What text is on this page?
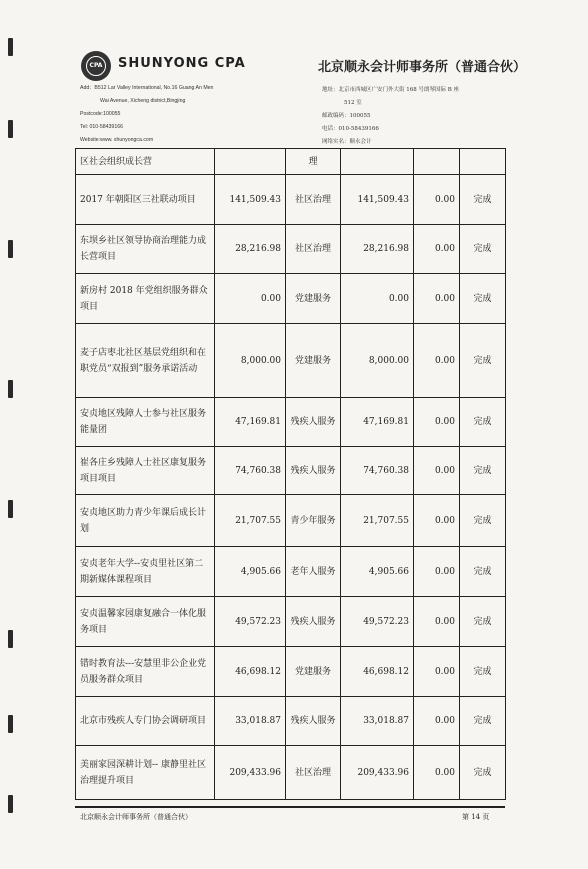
CPA SHUNYONG CPA	北京顺永会计师事务所（普通合伙）
Add：B512 Lar Valley International, No.16 Guang An Men
Wai Avenue, Xicheng district,Bingjing
Postcode:100055
Tel: 010-58439166
Website:www. shunyongca.com
地址：北京市西城区广安门外大街 168 号朗琴国际 B 座
512 室
邮政编码：100055
电话：010-58439166
网络实名：顺永会计
区社会组织成长营		理			
2017 年朝阳区三社联动项目	141,509.43	社区治理	141,509.43	0.00	完成
东坝乡社区领导协商治理能力成长营项目	28,216.98	社区治理	28,216.98	0.00	完成
新房村 2018 年党组织服务群众项目	0.00	党建服务	0.00	0.00	完成
麦子店枣北社区基层党组织和在职党员“双报到”服务承诺活动	8,000.00	党建服务	8,000.00	0.00	完成
安贞地区残障人士参与社区服务能量团	47,169.81	残疾人服务	47,169.81	0.00	完成
崔各庄乡残障人士社区康复服务项目项目	74,760.38	残疾人服务	74,760.38	0.00	完成
安贞地区助力青少年课后成长计划	21,707.55	青少年服务	21,707.55	0.00	完成
安贞老年大学--安贞里社区第二期新媒体课程项目	4,905.66	老年人服务	4,905.66	0.00	完成
安贞温馨家园康复融合一体化服务项目	49,572.23	残疾人服务	49,572.23	0.00	完成
错时教育法---安慧里非公企业党员服务群众项目	46,698.12	党建服务	46,698.12	0.00	完成
北京市残疾人专门协会调研项目	33,018.87	残疾人服务	33,018.87	0.00	完成
美丽家园深耕计划-- 康静里社区治理提升项目	209,433.96	社区治理	209,433.96	0.00	完成
北京顺永会计师事务所（普通合伙）	第 14 页
